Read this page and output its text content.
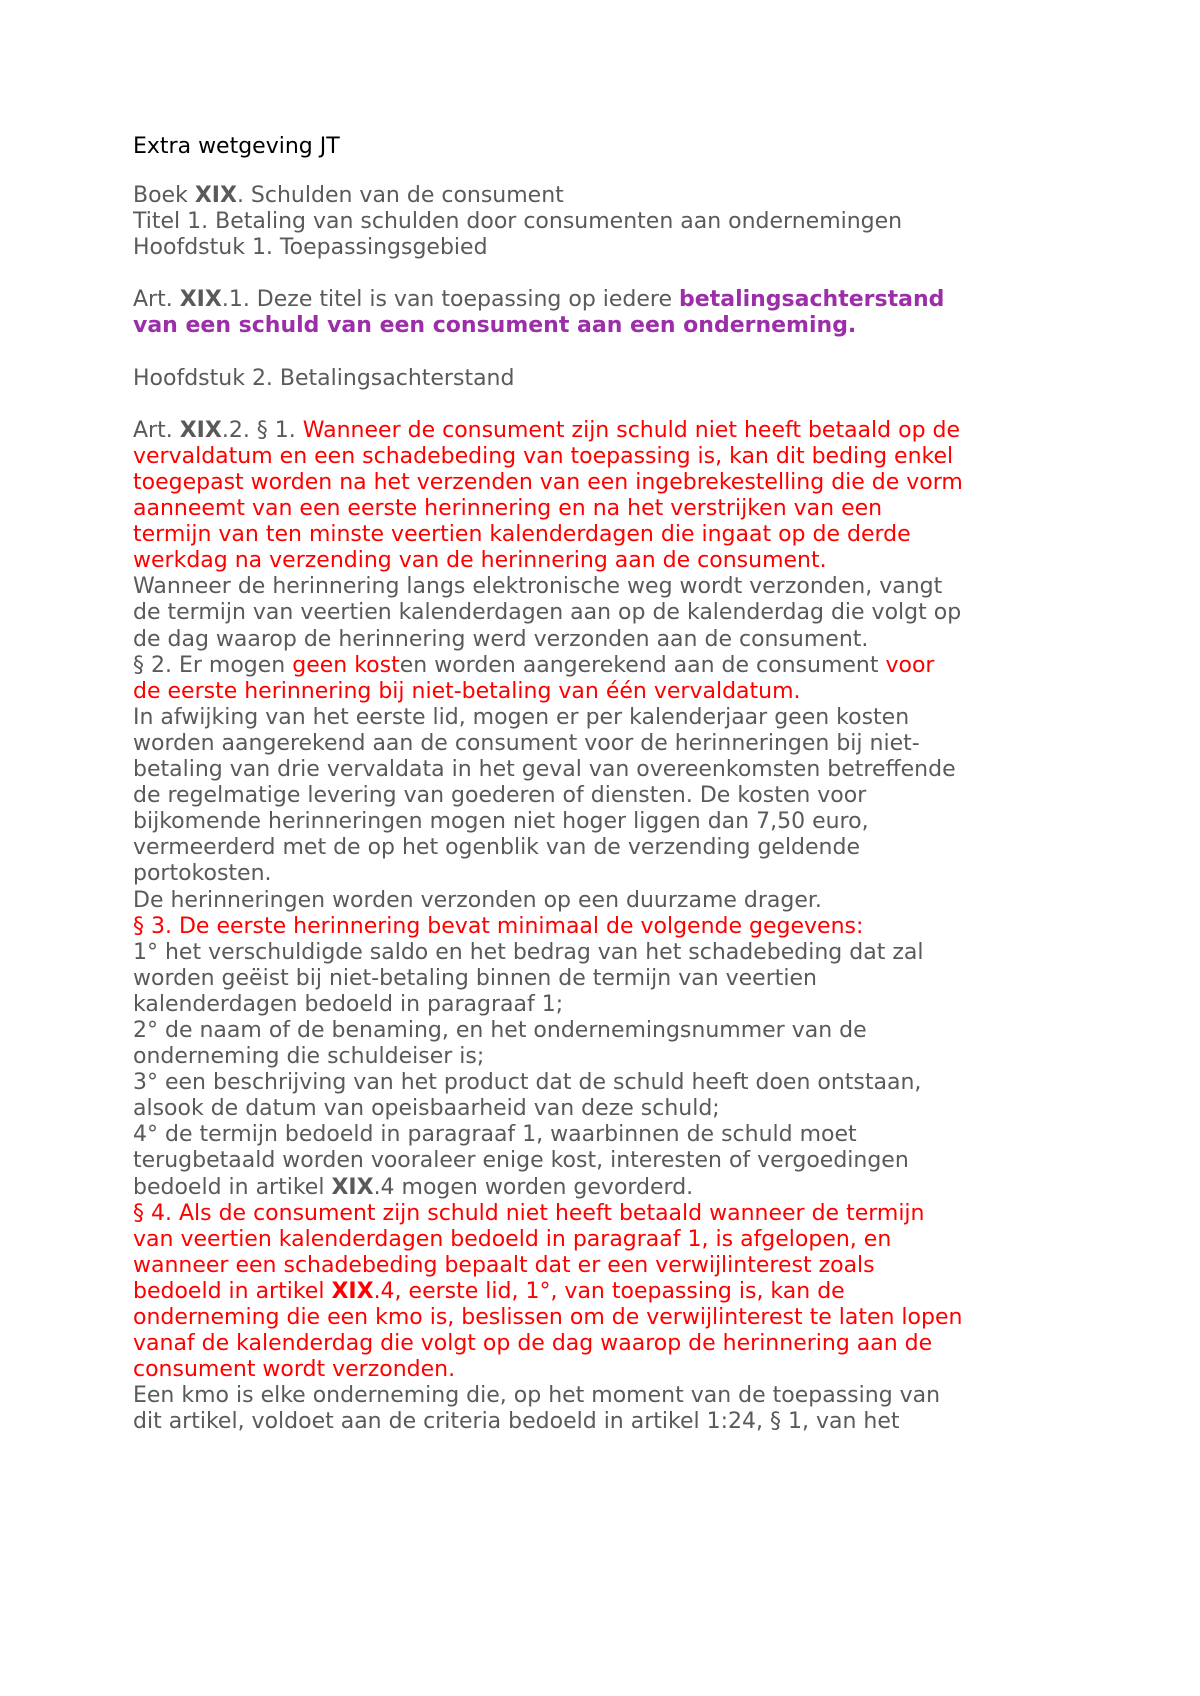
Extra wetgeving JT
Boek XIX. Schulden van de consument
Titel 1. Betaling van schulden door consumenten aan ondernemingen
Hoofdstuk 1. Toepassingsgebied
Art. XIX.1. Deze titel is van toepassing op iedere betalingsachterstand
van een schuld van een consument aan een onderneming.
Hoofdstuk 2. Betalingsachterstand
Art. XIX.2. § 1. Wanneer de consument zijn schuld niet heeft betaald op de
vervaldatum en een schadebeding van toepassing is, kan dit beding enkel
toegepast worden na het verzenden van een ingebrekestelling die de vorm
aanneemt van een eerste herinnering en na het verstrijken van een
termijn van ten minste veertien kalenderdagen die ingaat op de derde
werkdag na verzending van de herinnering aan de consument.
Wanneer de herinnering langs elektronische weg wordt verzonden, vangt
de termijn van veertien kalenderdagen aan op de kalenderdag die volgt op
de dag waarop de herinnering werd verzonden aan de consument.
§ 2. Er mogen geen kosten worden aangerekend aan de consument voor
de eerste herinnering bij niet-betaling van één vervaldatum.
In afwijking van het eerste lid, mogen er per kalenderjaar geen kosten
worden aangerekend aan de consument voor de herinneringen bij niet-
betaling van drie vervaldata in het geval van overeenkomsten betreffende
de regelmatige levering van goederen of diensten. De kosten voor
bijkomende herinneringen mogen niet hoger liggen dan 7,50 euro,
vermeerderd met de op het ogenblik van de verzending geldende
portokosten.
De herinneringen worden verzonden op een duurzame drager.
§ 3. De eerste herinnering bevat minimaal de volgende gegevens:
1° het verschuldigde saldo en het bedrag van het schadebeding dat zal
worden geëist bij niet-betaling binnen de termijn van veertien
kalenderdagen bedoeld in paragraaf 1;
2° de naam of de benaming, en het ondernemingsnummer van de
onderneming die schuldeiser is;
3° een beschrijving van het product dat de schuld heeft doen ontstaan,
alsook de datum van opeisbaarheid van deze schuld;
4° de termijn bedoeld in paragraaf 1, waarbinnen de schuld moet
terugbetaald worden vooraleer enige kost, interesten of vergoedingen
bedoeld in artikel XIX.4 mogen worden gevorderd.
§ 4. Als de consument zijn schuld niet heeft betaald wanneer de termijn
van veertien kalenderdagen bedoeld in paragraaf 1, is afgelopen, en
wanneer een schadebeding bepaalt dat er een verwijlinterest zoals
bedoeld in artikel XIX.4, eerste lid, 1°, van toepassing is, kan de
onderneming die een kmo is, beslissen om de verwijlinterest te laten lopen
vanaf de kalenderdag die volgt op de dag waarop de herinnering aan de
consument wordt verzonden.
Een kmo is elke onderneming die, op het moment van de toepassing van
dit artikel, voldoet aan de criteria bedoeld in artikel 1:24, § 1, van het
